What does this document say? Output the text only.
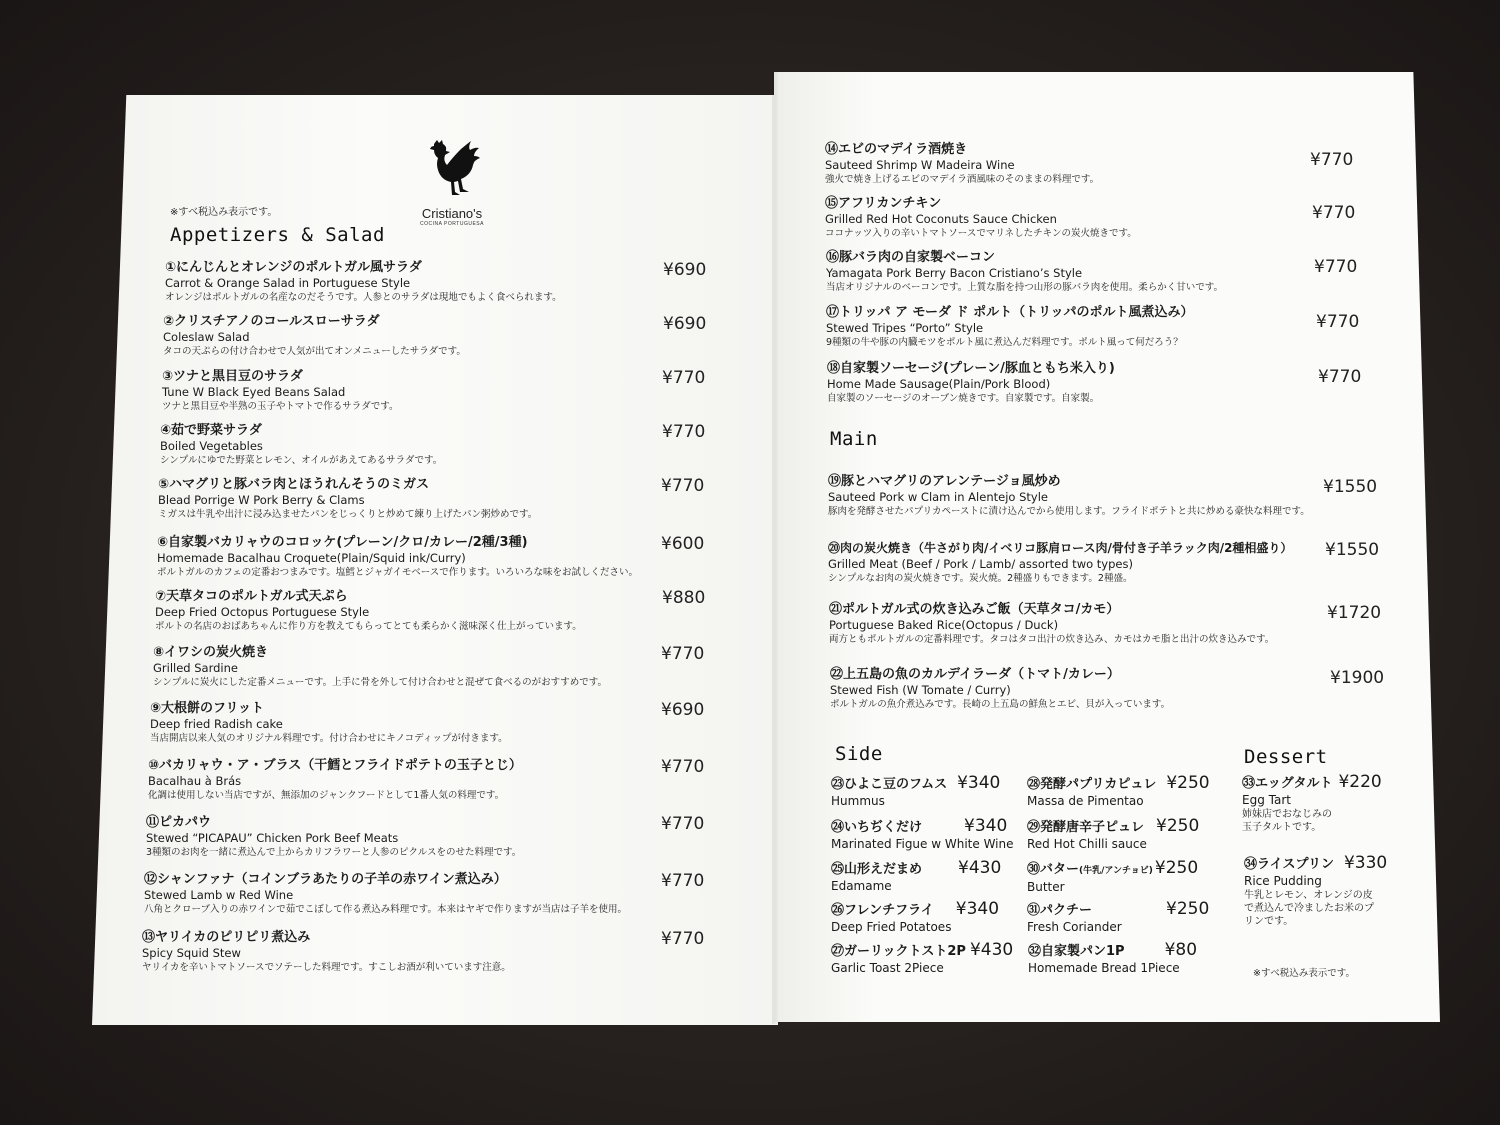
Cristiano's
COCINA PORTUGUESA
※すべ税込み表示です。
Appetizers & Salad
①にんじんとオレンジのポルトガル風サラダ
Carrot & Orange Salad in Portuguese Style
オレンジはポルトガルの名産なのだそうです。人参とのサラダは現地でもよく食べられます。
¥690
②クリスチアノのコールスローサラダ
Coleslaw Salad
タコの天ぷらの付け合わせで人気が出てオンメニューしたサラダです。
¥690
③ツナと黒目豆のサラダ
Tune W Black Eyed Beans Salad
ツナと黒目豆や半熟の玉子やトマトで作るサラダです。
¥770
④茹で野菜サラダ
Boiled Vegetables
シンプルにゆでた野菜とレモン、オイルがあえてあるサラダです。
¥770
⑤ハマグリと豚バラ肉とほうれんそうのミガス
Blead Porrige W Pork Berry & Clams
ミガスは牛乳や出汁に浸み込ませたパンをじっくりと炒めて練り上げたパン粥炒めです。
¥770
⑥自家製バカリャウのコロッケ(プレーン/クロ/カレー/2種/3種)
Homemade Bacalhau Croquete(Plain/Squid ink/Curry)
ポルトガルのカフェの定番おつまみです。塩鱈とジャガイモベースで作ります。いろいろな味をお試しください。
¥600
⑦天草タコのポルトガル式天ぷら
Deep Fried Octopus Portuguese Style
ポルトの名店のおばあちゃんに作り方を教えてもらってとても柔らかく滋味深く仕上がっています。
¥880
⑧イワシの炭火焼き
Grilled Sardine
シンプルに炭火にした定番メニューです。上手に骨を外して付け合わせと混ぜて食べるのがおすすめです。
¥770
⑨大根餅のフリット
Deep fried Radish cake
当店開店以来人気のオリジナル料理です。付け合わせにキノコディップが付きます。
¥690
⑩バカリャウ・ア・ブラス（干鱈とフライドポテトの玉子とじ）
Bacalhau à Brás
化調は使用しない当店ですが、無添加のジャンクフードとして1番人気の料理です。
¥770
⑪ピカパウ
Stewed “PICAPAU” Chicken Pork Beef Meats
3種類のお肉を一緒に煮込んで上からカリフラワーと人参のピクルスをのせた料理です。
¥770
⑫シャンファナ（コインブラあたりの子羊の赤ワイン煮込み）
Stewed Lamb w Red Wine
八角とクローブ入りの赤ワインで茹でこぼして作る煮込み料理です。本来はヤギで作りますが当店は子羊を使用。
¥770
⑬ヤリイカのピリピリ煮込み
Spicy Squid Stew
ヤリイカを辛いトマトソースでソテーした料理です。すこしお酒が利いています注意。
¥770
⑭エビのマデイラ酒焼き
Sauteed Shrimp W Madeira Wine
強火で焼き上げるエビのマデイラ酒風味のそのままの料理です。
¥770
⑮アフリカンチキン
Grilled Red Hot Coconuts Sauce Chicken
ココナッツ入りの辛いトマトソースでマリネしたチキンの炭火焼きです。
¥770
⑯豚バラ肉の自家製ベーコン
Yamagata Pork Berry Bacon Cristiano’s Style
当店オリジナルのベーコンです。上質な脂を持つ山形の豚バラ肉を使用。柔らかく甘いです。
¥770
⑰トリッパ ア モーダ ド ポルト（トリッパのポルト風煮込み）
Stewed Tripes “Porto” Style
9種類の牛や豚の内臓モツをポルト風に煮込んだ料理です。ポルト風って何だろう？
¥770
⑱自家製ソーセージ(プレーン/豚血ともち米入り)
Home Made Sausage(Plain/Pork Blood)
自家製のソーセージのオーブン焼きです。自家製です。自家製。
¥770
Main
⑲豚とハマグリのアレンテージョ風炒め
Sauteed Pork w Clam in Alentejo Style
豚肉を発酵させたパプリカペーストに漬け込んでから使用します。フライドポテトと共に炒める豪快な料理です。
¥1550
⑳肉の炭火焼き（牛さがり肉/イベリコ豚肩ロース肉/骨付き子羊ラック肉/2種相盛り）
Grilled Meat (Beef / Pork / Lamb/ assorted two types)
シンプルなお肉の炭火焼きです。炭火焼。2種盛りもできます。2種盛。
¥1550
㉑ポルトガル式の炊き込みご飯（天草タコ/カモ）
Portuguese Baked Rice(Octopus / Duck)
両方ともポルトガルの定番料理です。タコはタコ出汁の炊き込み、カモはカモ脂と出汁の炊き込みです。
¥1720
㉒上五島の魚のカルデイラーダ（トマト/カレー）
Stewed Fish (W Tomate / Curry)
ポルトガルの魚介煮込みです。長崎の上五島の鮮魚とエビ、貝が入っています。
¥1900
Side
㉓ひよこ豆のフムス ¥340
Hummus
㉔いちぢくだけ ¥340
Marinated Figue w White Wine
㉕山形えだまめ ¥430
Edamame
㉖フレンチフライ ¥340
Deep Fried Potatoes
㉗ガーリックトスト2P ¥430
Garlic Toast 2Piece
㉘発酵パプリカピュレ ¥250
Massa de Pimentao
㉙発酵唐辛子ピュレ ¥250
Red Hot Chilli sauce
㉚バター(牛乳/アンチョビ) ¥250
Butter
㉛パクチー	¥250
Fresh Coriander
㉜自家製パン1P ¥80
Homemade Bread 1Piece
Dessert
㉝エッグタルト ¥220
Egg Tart
姉妹店でおなじみの
玉子タルトです。
㉞ライスプリン ¥330
Rice Pudding
牛乳とレモン、オレンジの皮
で煮込んで冷ましたお米のプ
リンです。
※すべ税込み表示です。
